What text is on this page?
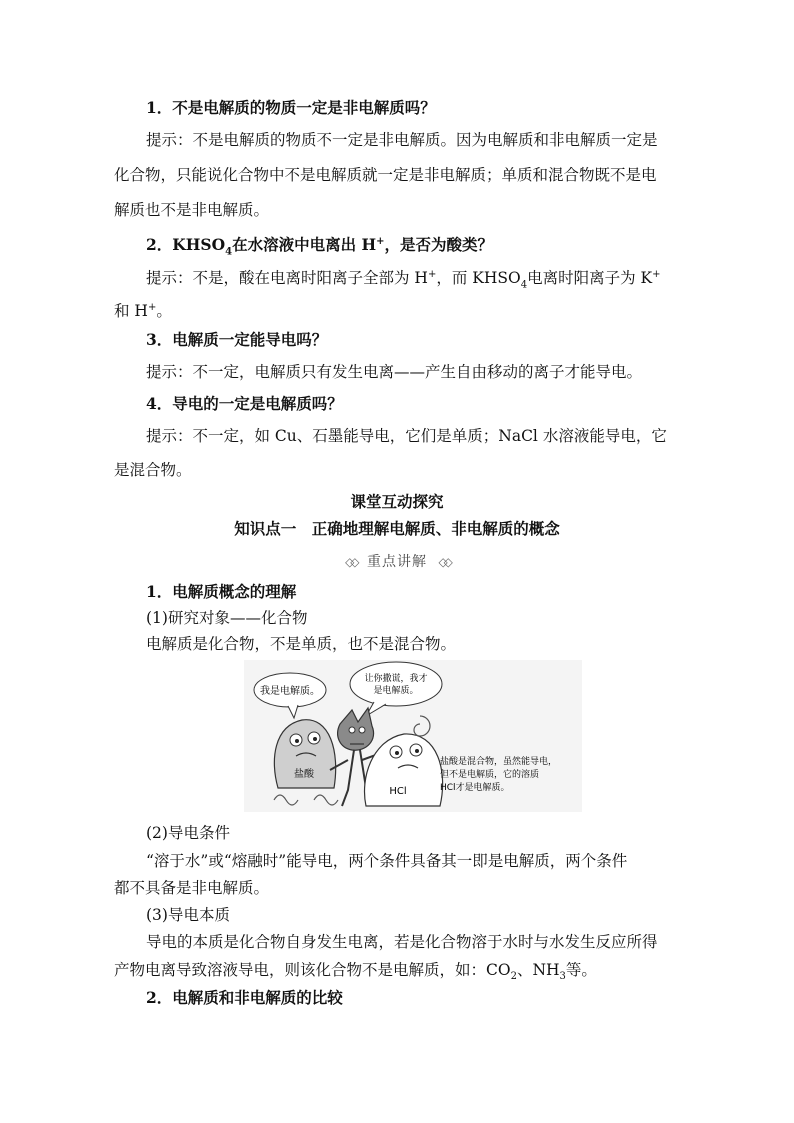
1．不是电解质的物质一定是非电解质吗？
提示：不是电解质的物质不一定是非电解质。因为电解质和非电解质一定是
化合物，只能说化合物中不是电解质就一定是非电解质；单质和混合物既不是电
解质也不是非电解质。
2．$KHSO_4$在水溶液中电离出 H+，是否为酸类？
提示：不是，酸在电离时阳离子全部为 H+，而 $KHSO_4$电离时阳离子为 K+
和 H+。
3．电解质一定能导电吗？
提示：不一定，电解质只有发生电离——产生自由移动的离子才能导电。
4．导电的一定是电解质吗？
提示：不一定，如 Cu、石墨能导电，它们是单质；NaCl 水溶液能导电，它
是混合物。
课堂互动探究
知识点一　正确地理解电解质、非电解质的概念
◇◇ 重点讲解 ◇◇
1．电解质概念的理解
(1)研究对象——化合物
电解质是化合物，不是单质，也不是混合物。
我是电解质。
盐酸
让你撒谎，我才
是电解质。
HCl
盐酸是混合物，虽然能导电，
但不是电解质，它的溶质
HCl才是电解质。
(2)导电条件
“溶于水”或“熔融时”能导电，两个条件具备其一即是电解质，两个条件
都不具备是非电解质。
(3)导电本质
导电的本质是化合物自身发生电离，若是化合物溶于水时与水发生反应所得
产物电离导致溶液导电，则该化合物不是电解质，如：$CO_2$、$NH_3$等。
2．电解质和非电解质的比较
